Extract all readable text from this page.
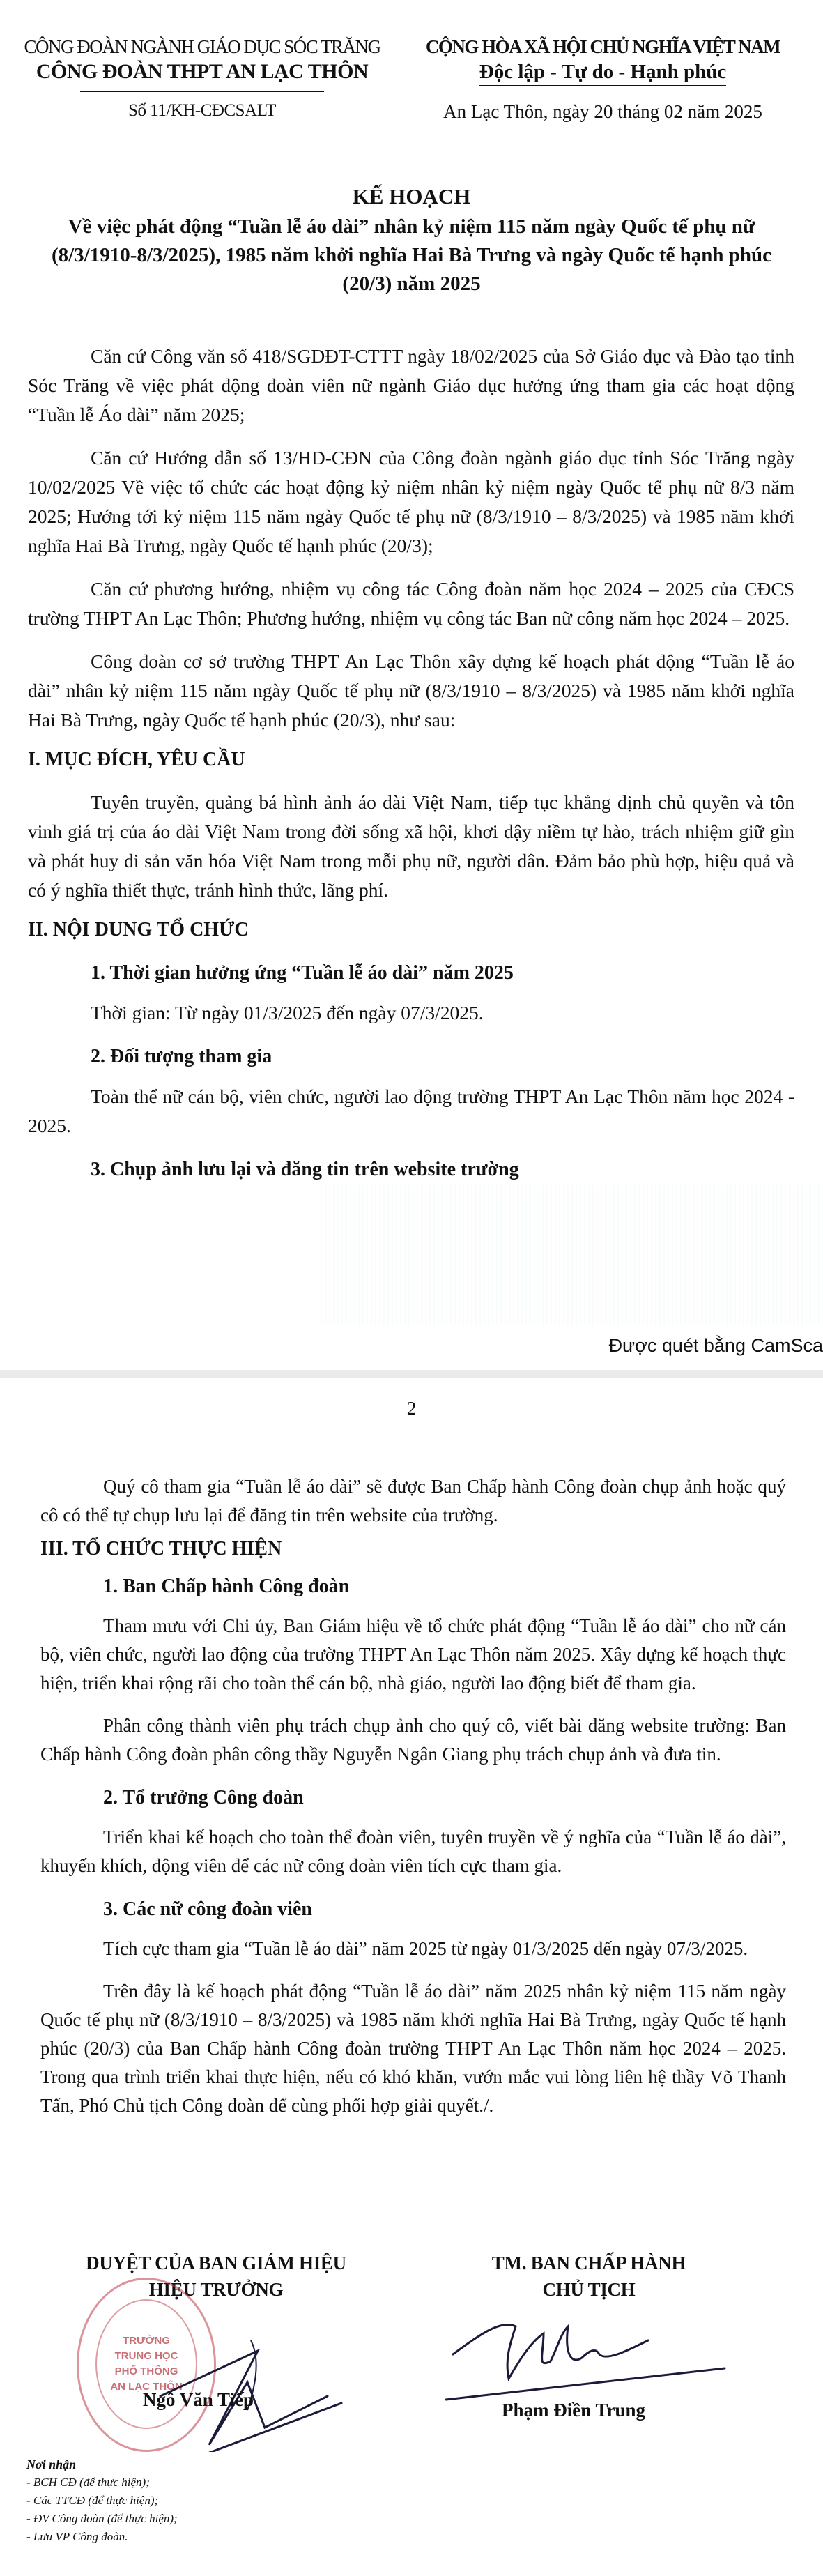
CÔNG ĐOÀN NGÀNH GIÁO DỤC SÓC TRĂNG
CÔNG ĐOÀN THPT AN LẠC THÔN
CỘNG HÒA XÃ HỘI CHỦ NGHĨA VIỆT NAM
Độc lập - Tự do - Hạnh phúc
Số 11/KH-CĐCSALT	An Lạc Thôn, ngày 20 tháng 02 năm 2025
KẾ HOẠCH
Về việc phát động “Tuần lễ áo dài” nhân kỷ niệm 115 năm ngày Quốc tế phụ nữ (8/3/1910-8/3/2025), 1985 năm khởi nghĩa Hai Bà Trưng và ngày Quốc tế hạnh phúc (20/3) năm 2025

Căn cứ Công văn số 418/SGDĐT-CTTT ngày 18/02/2025 của Sở Giáo dục và Đào tạo tỉnh Sóc Trăng về việc phát động đoàn viên nữ ngành Giáo dục hưởng ứng tham gia các hoạt động “Tuần lễ Áo dài” năm 2025;

Căn cứ Hướng dẫn số 13/HD-CĐN của Công đoàn ngành giáo dục tỉnh Sóc Trăng ngày 10/02/2025 Về việc tổ chức các hoạt động kỷ niệm nhân kỷ niệm ngày Quốc tế phụ nữ 8/3 năm 2025; Hướng tới kỷ niệm 115 năm ngày Quốc tế phụ nữ (8/3/1910 – 8/3/2025) và 1985 năm khởi nghĩa Hai Bà Trưng, ngày Quốc tế hạnh phúc (20/3);

Căn cứ phương hướng, nhiệm vụ công tác Công đoàn năm học 2024 – 2025 của CĐCS trường THPT An Lạc Thôn; Phương hướng, nhiệm vụ công tác Ban nữ công năm học 2024 – 2025.

Công đoàn cơ sở trường THPT An Lạc Thôn xây dựng kế hoạch phát động “Tuần lễ áo dài” nhân kỷ niệm 115 năm ngày Quốc tế phụ nữ (8/3/1910 – 8/3/2025) và 1985 năm khởi nghĩa Hai Bà Trưng, ngày Quốc tế hạnh phúc (20/3), như sau:

I. MỤC ĐÍCH, YÊU CẦU

Tuyên truyền, quảng bá hình ảnh áo dài Việt Nam, tiếp tục khẳng định chủ quyền và tôn vinh giá trị của áo dài Việt Nam trong đời sống xã hội, khơi dậy niềm tự hào, trách nhiệm giữ gìn và phát huy di sản văn hóa Việt Nam trong mỗi phụ nữ, người dân. Đảm bảo phù hợp, hiệu quả và có ý nghĩa thiết thực, tránh hình thức, lãng phí.

II. NỘI DUNG TỔ CHỨC
1. Thời gian hưởng ứng “Tuần lễ áo dài” năm 2025

Thời gian: Từ ngày 01/3/2025 đến ngày 07/3/2025.

2. Đối tượng tham gia

Toàn thể nữ cán bộ, viên chức, người lao động trường THPT An Lạc Thôn năm học 2024 - 2025.

3. Chụp ảnh lưu lại và đăng tin trên website trường
Được quét bằng CamSca
2

Quý cô tham gia “Tuần lễ áo dài” sẽ được Ban Chấp hành Công đoàn chụp ảnh hoặc quý cô có thể tự chụp lưu lại để đăng tin trên website của trường.

III. TỔ CHỨC THỰC HIỆN
1. Ban Chấp hành Công đoàn

Tham mưu với Chi ủy, Ban Giám hiệu về tổ chức phát động “Tuần lễ áo dài” cho nữ cán bộ, viên chức, người lao động của trường THPT An Lạc Thôn năm 2025. Xây dựng kế hoạch thực hiện, triển khai rộng rãi cho toàn thể cán bộ, nhà giáo, người lao động biết để tham gia.

Phân công thành viên phụ trách chụp ảnh cho quý cô, viết bài đăng website trường: Ban Chấp hành Công đoàn phân công thầy Nguyễn Ngân Giang phụ trách chụp ảnh và đưa tin.

2. Tổ trưởng Công đoàn

Triển khai kế hoạch cho toàn thể đoàn viên, tuyên truyền về ý nghĩa của “Tuần lễ áo dài”, khuyến khích, động viên để các nữ công đoàn viên tích cực tham gia.

3. Các nữ công đoàn viên

Tích cực tham gia “Tuần lễ áo dài” năm 2025 từ ngày 01/3/2025 đến ngày 07/3/2025.

Trên đây là kế hoạch phát động “Tuần lễ áo dài” năm 2025 nhân kỷ niệm 115 năm ngày Quốc tế phụ nữ (8/3/1910 – 8/3/2025) và 1985 năm khởi nghĩa Hai Bà Trưng, ngày Quốc tế hạnh phúc (20/3) của Ban Chấp hành Công đoàn trường THPT An Lạc Thôn năm học 2024 – 2025. Trong qua trình triển khai thực hiện, nếu có khó khăn, vướn mắc vui lòng liên hệ thầy Võ Thanh Tấn, Phó Chủ tịch Công đoàn để cùng phối hợp giải quyết./.

DUYỆT CỦA BAN GIÁM HIỆU
HIỆU TRƯỞNG
TRƯỜNG
TRUNG HỌC
PHỔ THÔNG
AN LẠC THÔN
Ngô Văn Tiếp
TM. BAN CHẤP HÀNH
CHỦ TỊCH
Phạm Điền Trung
Nơi nhận
- BCH CĐ (để thực hiện);
- Các TTCĐ (để thực hiện);
- ĐV Công đoàn (để thực hiện);
- Lưu VP Công đoàn.
